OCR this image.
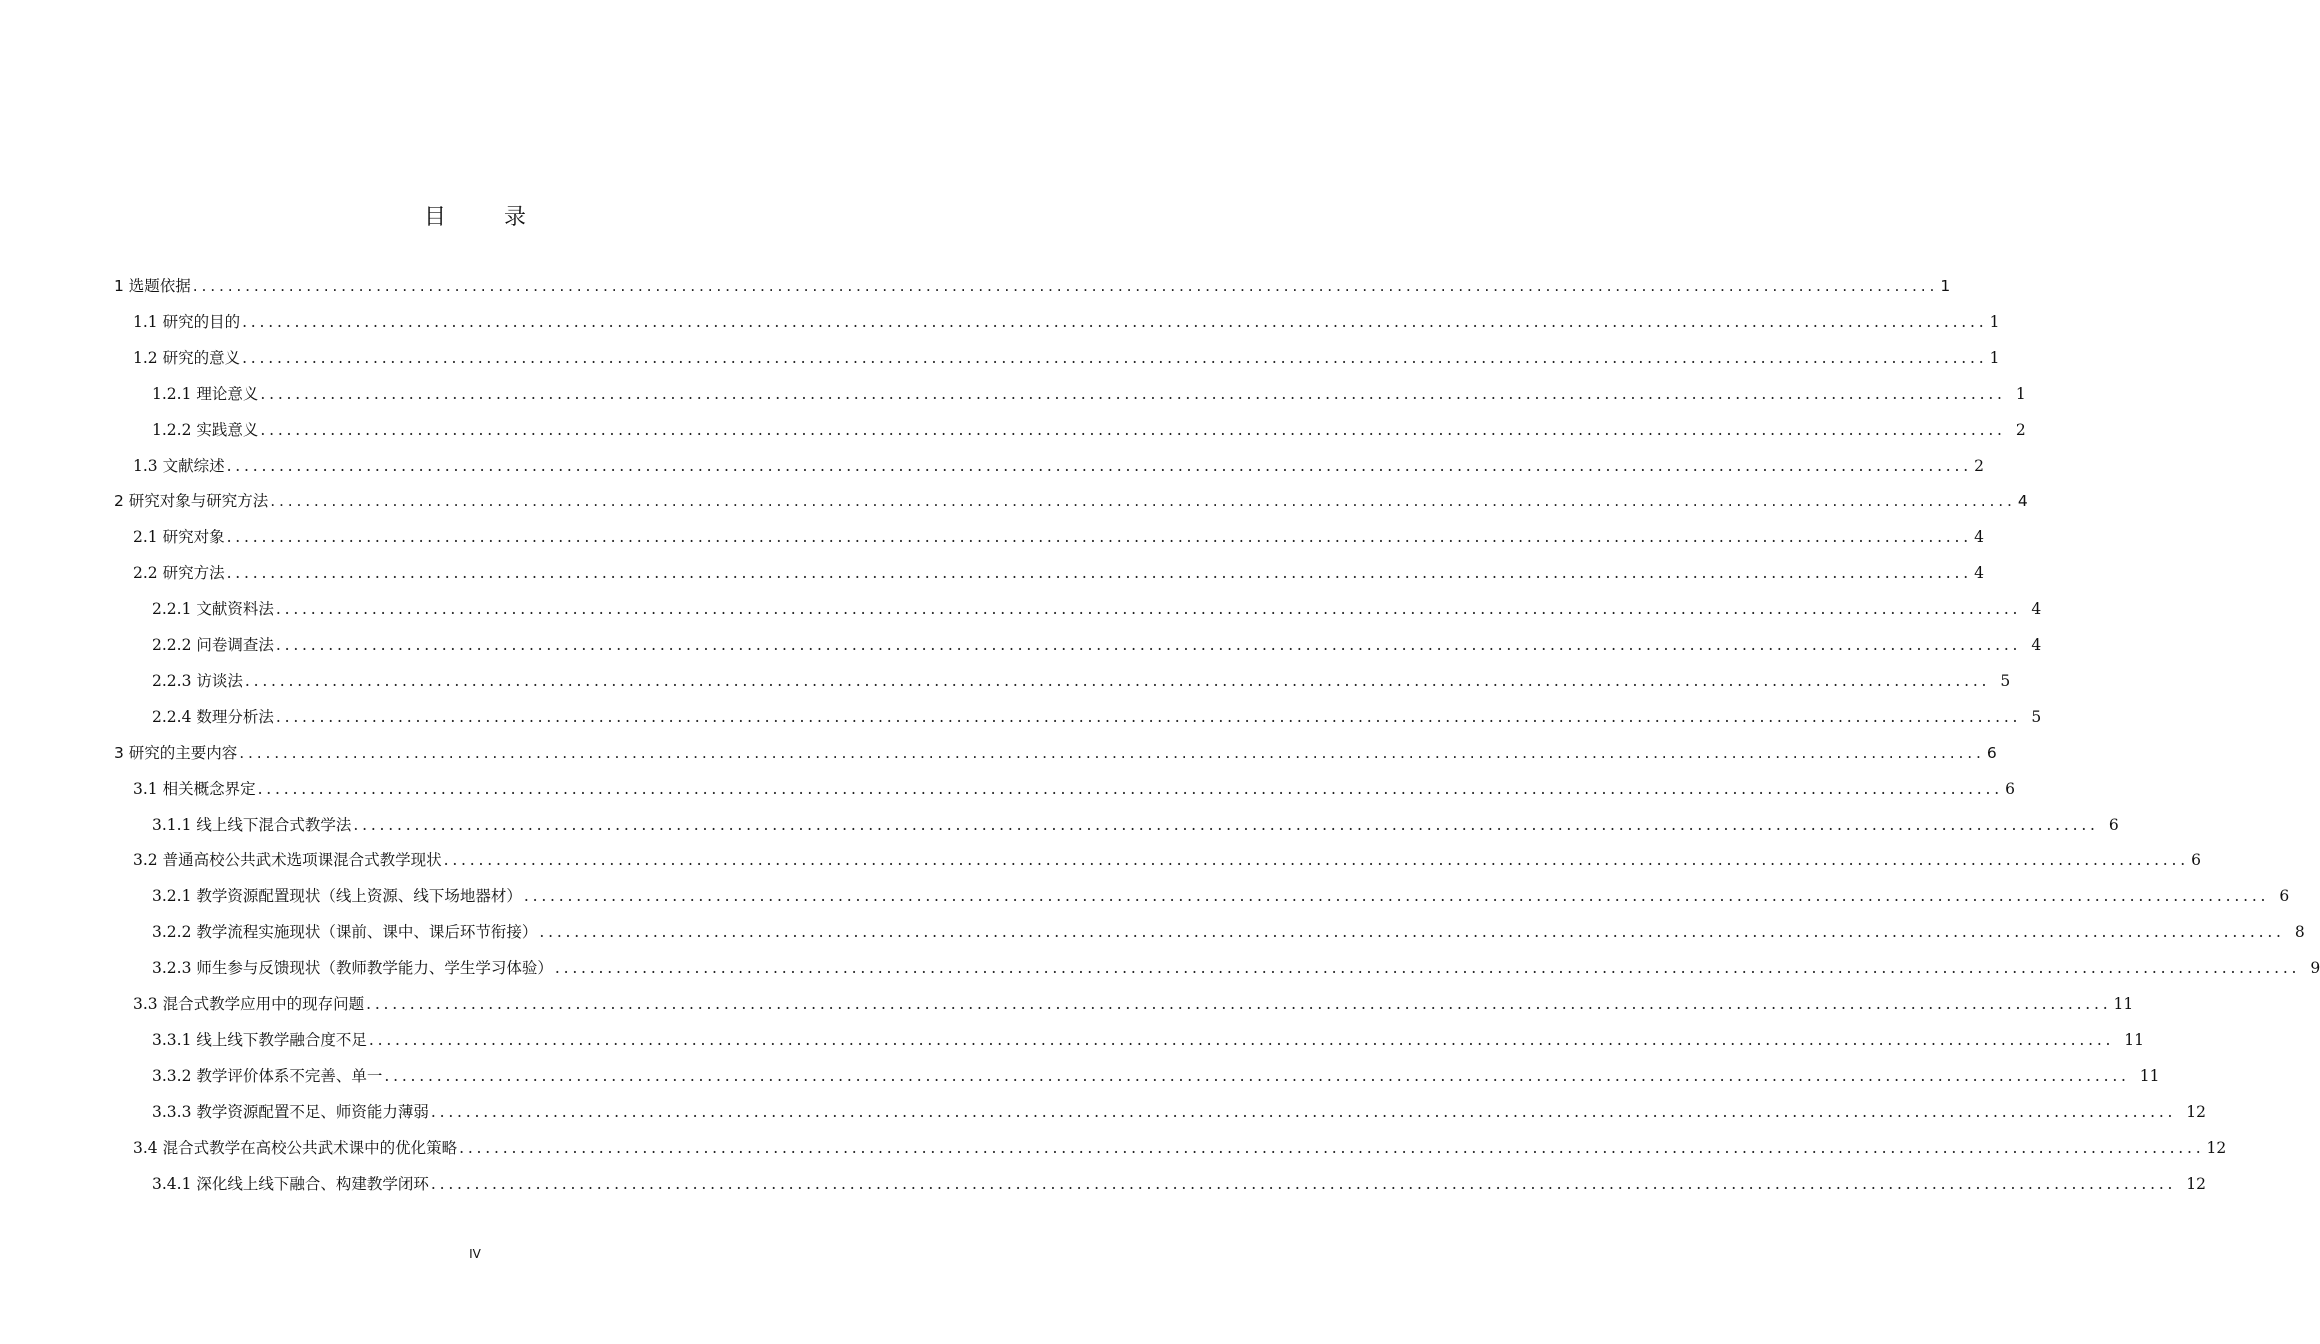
目　录
1 选题依据 ........................................................................................................................................................................................................ 1
1.1 研究的目的 ........................................................................................................................................................................................................ 1
1.2 研究的意义 ........................................................................................................................................................................................................ 1
1.2.1 理论意义 ........................................................................................................................................................................................................ 1
1.2.2 实践意义 ........................................................................................................................................................................................................ 2
1.3 文献综述 ........................................................................................................................................................................................................ 2
2 研究对象与研究方法 ........................................................................................................................................................................................................ 4
2.1 研究对象 ........................................................................................................................................................................................................ 4
2.2 研究方法 ........................................................................................................................................................................................................ 4
2.2.1 文献资料法 ........................................................................................................................................................................................................ 4
2.2.2 问卷调查法 ........................................................................................................................................................................................................ 4
2.2.3 访谈法 ........................................................................................................................................................................................................ 5
2.2.4 数理分析法 ........................................................................................................................................................................................................ 5
3 研究的主要内容 ........................................................................................................................................................................................................ 6
3.1 相关概念界定 ........................................................................................................................................................................................................ 6
3.1.1 线上线下混合式教学法 ........................................................................................................................................................................................................ 6
3.2 普通高校公共武术选项课混合式教学现状 ........................................................................................................................................................................................................ 6
3.2.1 教学资源配置现状（线上资源、线下场地器材） ........................................................................................................................................................................................................ 6
3.2.2 教学流程实施现状（课前、课中、课后环节衔接） ........................................................................................................................................................................................................ 8
3.2.3 师生参与反馈现状（教师教学能力、学生学习体验） ........................................................................................................................................................................................................ 9
3.3 混合式教学应用中的现存问题 ........................................................................................................................................................................................................ 11
3.3.1 线上线下教学融合度不足 ........................................................................................................................................................................................................ 11
3.3.2 教学评价体系不完善、单一 ........................................................................................................................................................................................................ 11
3.3.3 教学资源配置不足、师资能力薄弱 ........................................................................................................................................................................................................ 12
3.4 混合式教学在高校公共武术课中的优化策略 ........................................................................................................................................................................................................ 12
3.4.1 深化线上线下融合、构建教学闭环 ........................................................................................................................................................................................................ 12
IV
